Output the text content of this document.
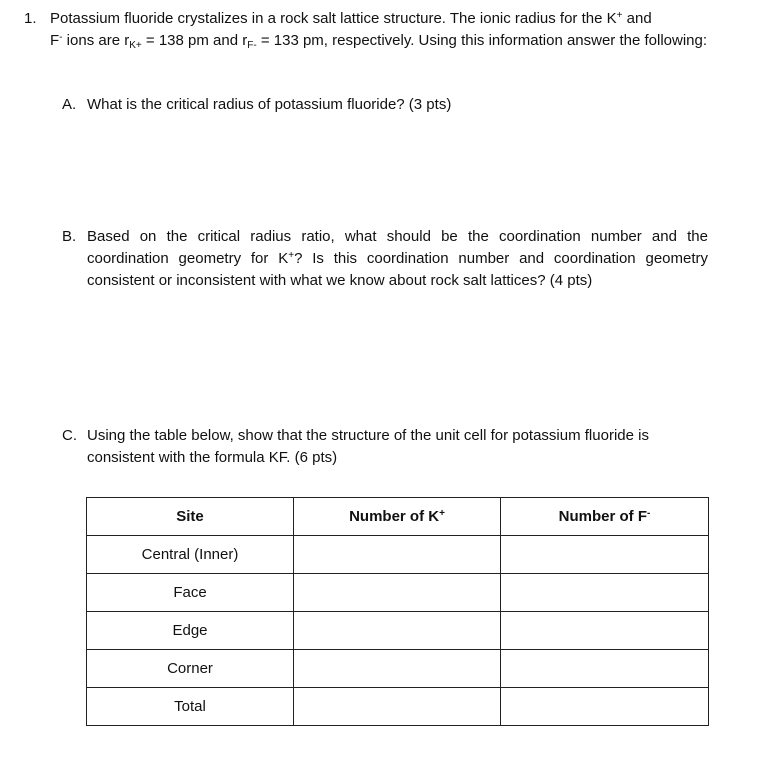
1. Potassium fluoride crystalizes in a rock salt lattice structure. The ionic radius for the K+ and
F- ions are $r_{K+} = 138$ pm and $r_{F-} = 133$ pm, respectively. Using this information answer the following:
A. What is the critical radius of potassium fluoride? (3 pts)
B. Based on the critical radius ratio, what should be the coordination number and the coordination geometry for K+? Is this coordination number and coordination geometry consistent or inconsistent with what we know about rock salt lattices? (4 pts)
C. Using the table below, show that the structure of the unit cell for potassium fluoride is consistent with the formula KF. (6 pts)
Site	Number of K+	Number of F-
Central (Inner)		
Face		
Edge		
Corner		
Total		
